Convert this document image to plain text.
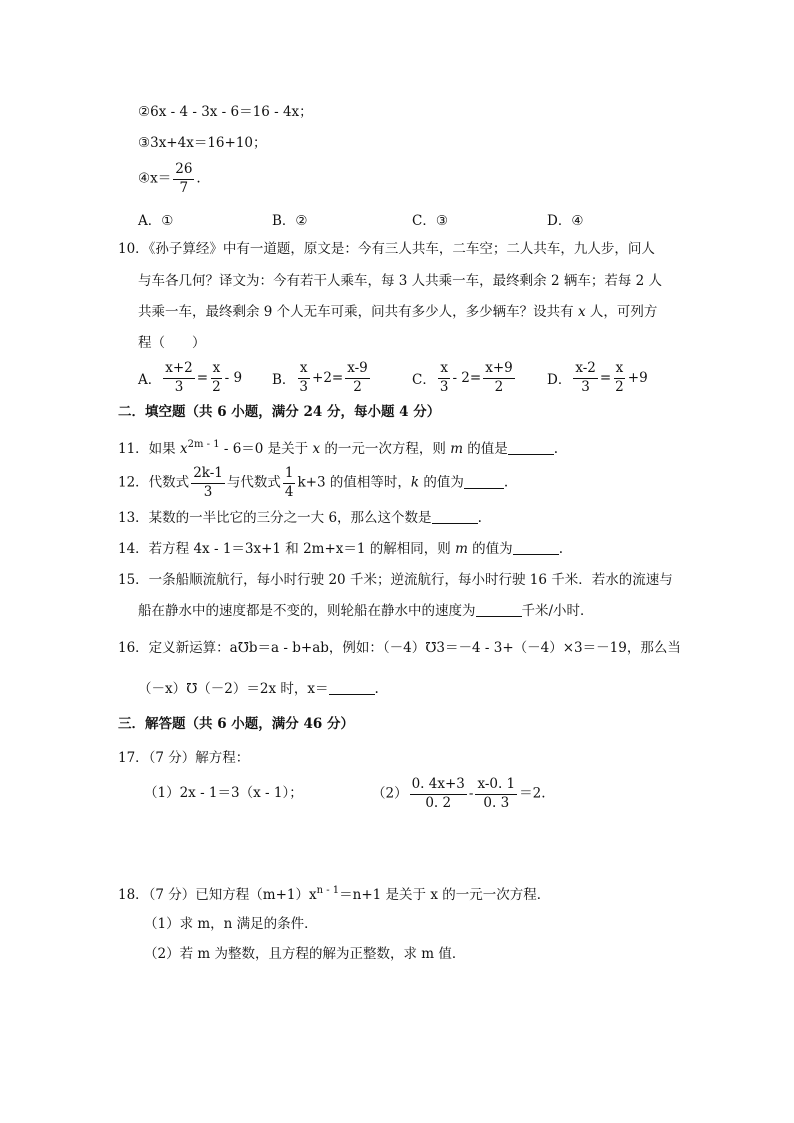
②6x - 4 - 3x - 6＝16 - 4x；
③3x+4x＝16+10；
④x＝ $\frac{26}{7}$ .
A．①	B．②	C．③	D．④
10．《孙子算经》中有一道题，原文是：今有三人共车，二车空；二人共车，九人步，问人
与车各几何？译文为：今有若干人乘车，每 3 人共乘一车，最终剩余 2 辆车；若每 2 人
共乘一车，最终剩余 9 个人无车可乘，问共有多少人，多少辆车？设共有 x 人，可列方
程（　　）
A． $\frac{x+2}{3} = \frac{x}{2} - 9$ B． $\frac{x}{3} +2= \frac{x-9}{2}$	C． $\frac{x}{3} - 2= \frac{x+9}{2}$ D． $\frac{x-2}{3} = \frac{x}{2} +9$
二．填空题（共 6 小题，满分 24 分，每小题 4 分）
11．如果 $x^{2m - 1} - 6=0$ 是关于 x 的一元一次方程，则 m 的值是	.
12．代数式 $\frac{2k-1}{3}$ 与代数式 $\frac{1}{4} k+3$ 的值相等时，k 的值为	.
13．某数的一半比它的三分之一大 6，那么这个数是	.
14．若方程 4x - 1＝3x+1 和 2m+x＝1 的解相同，则 m 的值为	.
15．一条船顺流航行，每小时行驶 20 千米；逆流航行，每小时行驶 16 千米．若水的流速与
船在静水中的速度都是不变的，则轮船在静水中的速度为	千米/小时．
16．定义新运算：a℧b＝a - b+ab，例如：（－4）℧3＝－4 - 3+（－4）×3＝－19，那么当
（－x）℧（－2）＝2x 时，x＝	.
三．解答题（共 6 小题，满分 46 分）
17．（7 分）解方程：
（1）2x - 1＝3（x - 1）；	$(2) \frac{0. 4x+3}{0. 2} - \frac{x-0. 1}{0. 3} =2$.
18．（7 分）已知方程$(m+1)x^{n - 1}=n+1$ 是关于 x 的一元一次方程．
（1）求 m，n 满足的条件．
（2）若 m 为整数，且方程的解为正整数，求 m 值．
